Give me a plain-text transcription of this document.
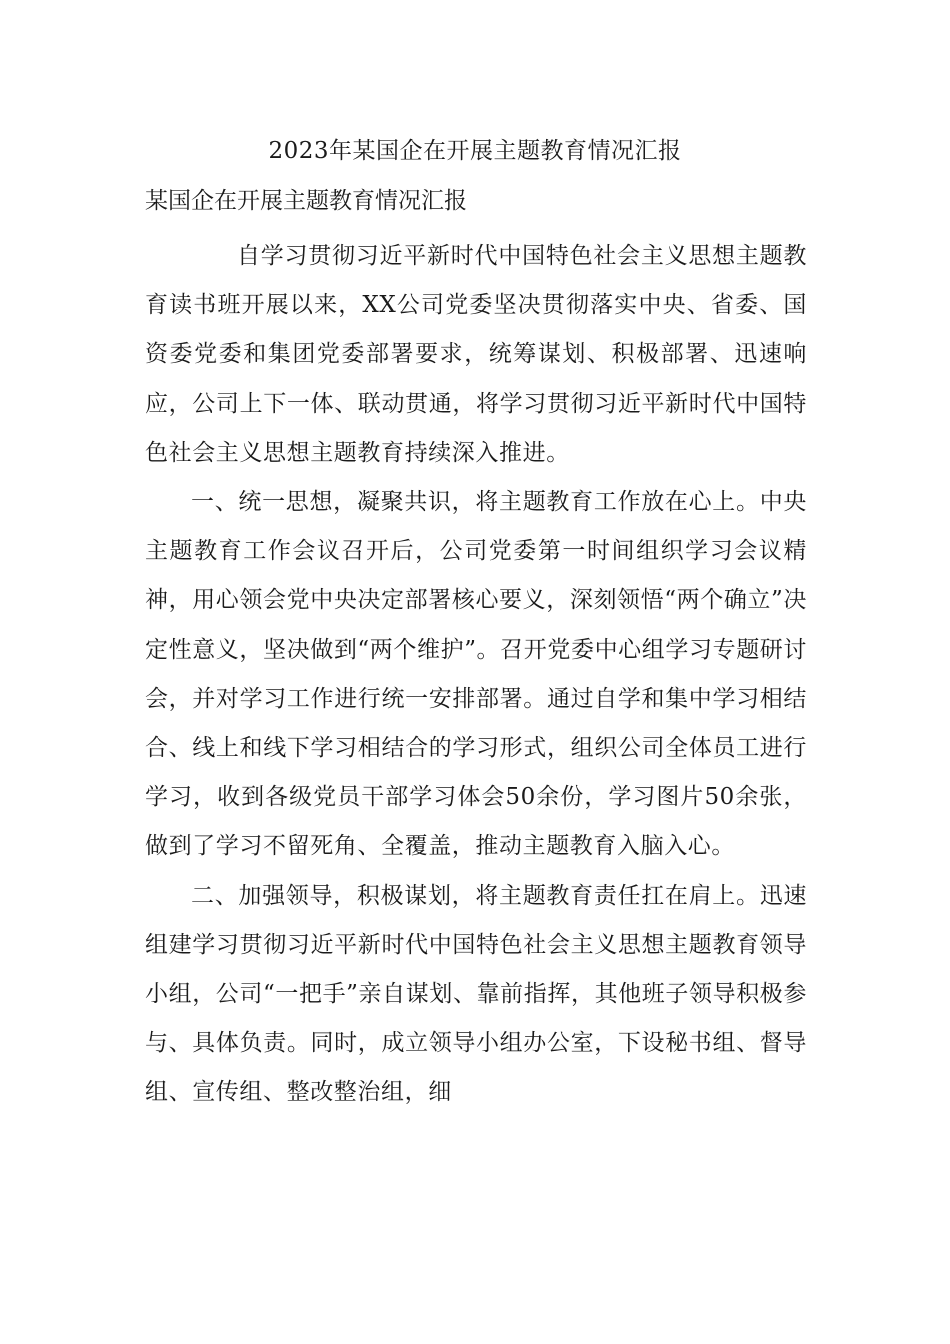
2023年某国企在开展主题教育情况汇报
某国企在开展主题教育情况汇报

自学习贯彻习近平新时代中国特色社会主义思想主题教育读书班开展以来，XX公司党委坚决贯彻落实中央、省委、国资委党委和集团党委部署要求，统筹谋划、积极部署、迅速响应，公司上下一体、联动贯通，将学习贯彻习近平新时代中国特色社会主义思想主题教育持续深入推进。

一、统一思想，凝聚共识，将主题教育工作放在心上。中央主题教育工作会议召开后，公司党委第一时间组织学习会议精神，用心领会党中央决定部署核心要义，深刻领悟“两个确立”决定性意义，坚决做到“两个维护”。召开党委中心组学习专题研讨会，并对学习工作进行统一安排部署。通过自学和集中学习相结合、线上和线下学习相结合的学习形式，组织公司全体员工进行学习，收到各级党员干部学习体会50余份，学习图片50余张，做到了学习不留死角、全覆盖，推动主题教育入脑入心。

二、加强领导，积极谋划，将主题教育责任扛在肩上。迅速组建学习贯彻习近平新时代中国特色社会主义思想主题教育领导小组，公司“一把手”亲自谋划、靠前指挥，其他班子领导积极参与、具体负责。同时，成立领导小组办公室，下设秘书组、督导组、宣传组、整改整治组，细
